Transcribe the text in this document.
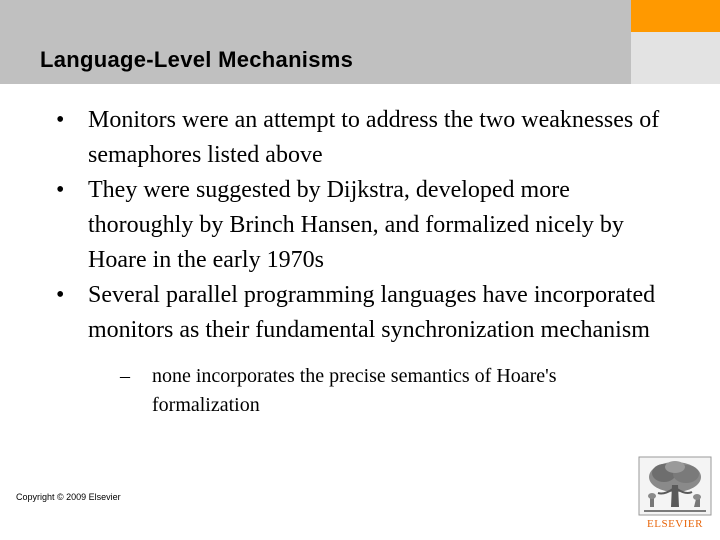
Language-Level Mechanisms
• Monitors were an attempt to address the two weaknesses of semaphores listed above
• They were suggested by Dijkstra, developed more thoroughly by Brinch Hansen, and formalized nicely by Hoare in the early 1970s
• Several parallel programming languages have incorporated monitors as their fundamental synchronization mechanism
– none incorporates the precise semantics of Hoare's formalization

Copyright © 2009 Elsevier

ELSEVIER
